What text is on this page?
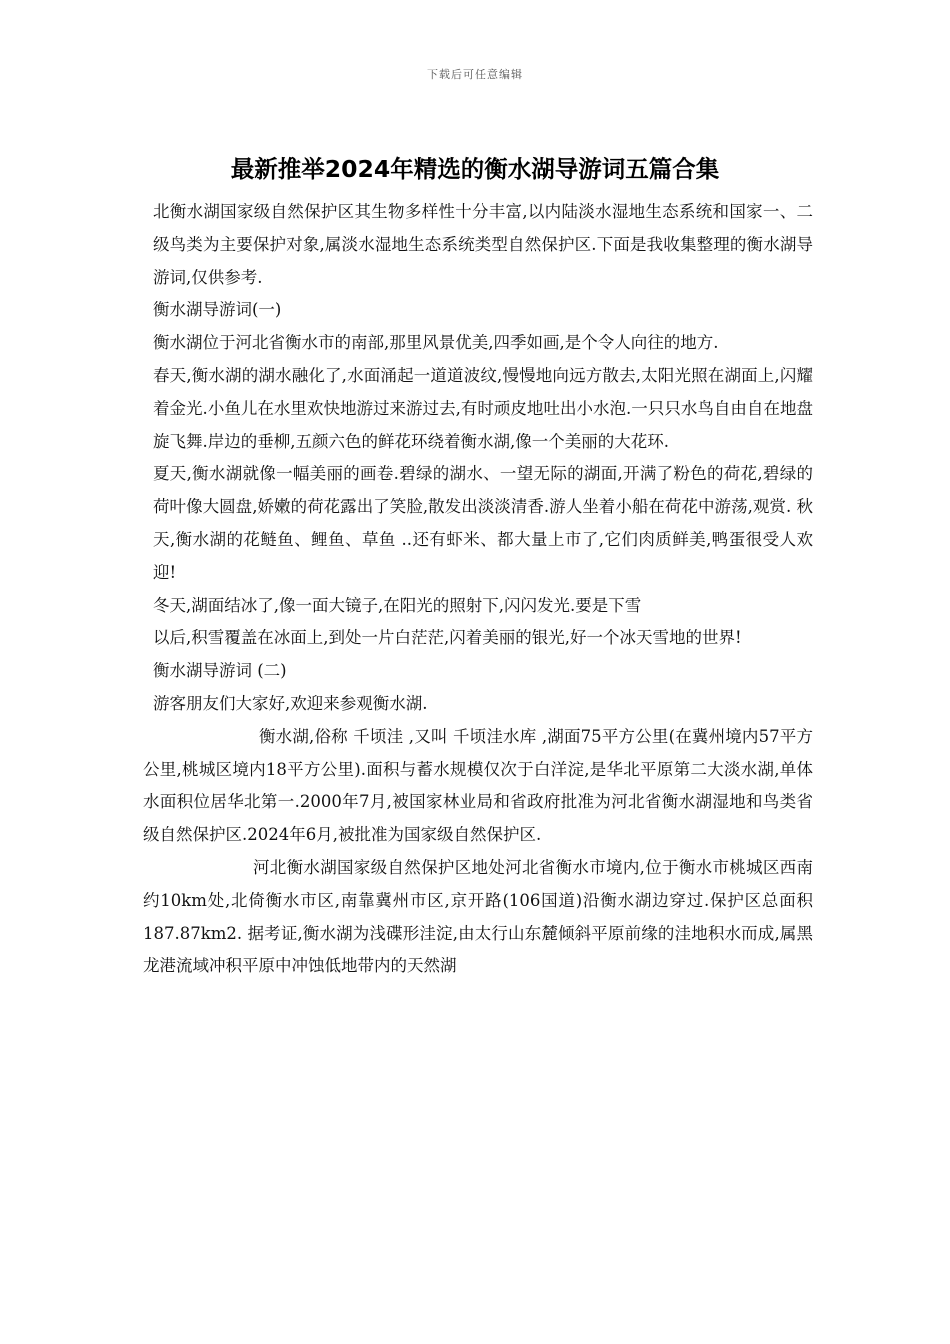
下载后可任意编辑
最新推举2024年精选的衡水湖导游词五篇合集

北衡水湖国家级自然保护区其生物多样性十分丰富,以内陆淡水湿地生态系统和国家一、二级鸟类为主要保护对象,属淡水湿地生态系统类型自然保护区.下面是我收集整理的衡水湖导游词,仅供参考.

衡水湖导游词(一)

衡水湖位于河北省衡水市的南部,那里风景优美,四季如画,是个令人向往的地方.

春天,衡水湖的湖水融化了,水面涌起一道道波纹,慢慢地向远方散去,太阳光照在湖面上,闪耀着金光.小鱼儿在水里欢快地游过来游过去,有时顽皮地吐出小水泡.一只只水鸟自由自在地盘旋飞舞.岸边的垂柳,五颜六色的鲜花环绕着衡水湖,像一个美丽的大花环.

夏天,衡水湖就像一幅美丽的画卷.碧绿的湖水、一望无际的湖面,开满了粉色的荷花,碧绿的荷叶像大圆盘,娇嫩的荷花露出了笑脸,散发出淡淡清香.游人坐着小船在荷花中游荡,观赏. 秋天,衡水湖的花鲢鱼、鲤鱼、草鱼 ..还有虾米、都大量上市了,它们肉质鲜美,鸭蛋很受人欢迎!

冬天,湖面结冰了,像一面大镜子,在阳光的照射下,闪闪发光.要是下雪

以后,积雪覆盖在冰面上,到处一片白茫茫,闪着美丽的银光,好一个冰天雪地的世界!

衡水湖导游词 (二)

游客朋友们大家好,欢迎来参观衡水湖.

衡水湖,俗称 千顷洼 ,又叫 千顷洼水库 ,湖面75平方公里(在冀州境内57平方公里,桃城区境内18平方公里).面积与蓄水规模仅次于白洋淀,是华北平原第二大淡水湖,单体水面积位居华北第一.2000年7月,被国家林业局和省政府批准为河北省衡水湖湿地和鸟类省级自然保护区.2024年6月,被批准为国家级自然保护区.

河北衡水湖国家级自然保护区地处河北省衡水市境内,位于衡水市桃城区西南约10km处,北倚衡水市区,南靠冀州市区,京开路(106国道)沿衡水湖边穿过.保护区总面积187.87km2. 据考证,衡水湖为浅碟形洼淀,由太行山东麓倾斜平原前缘的洼地积水而成,属黑龙港流域冲积平原中冲蚀低地带内的天然湖
